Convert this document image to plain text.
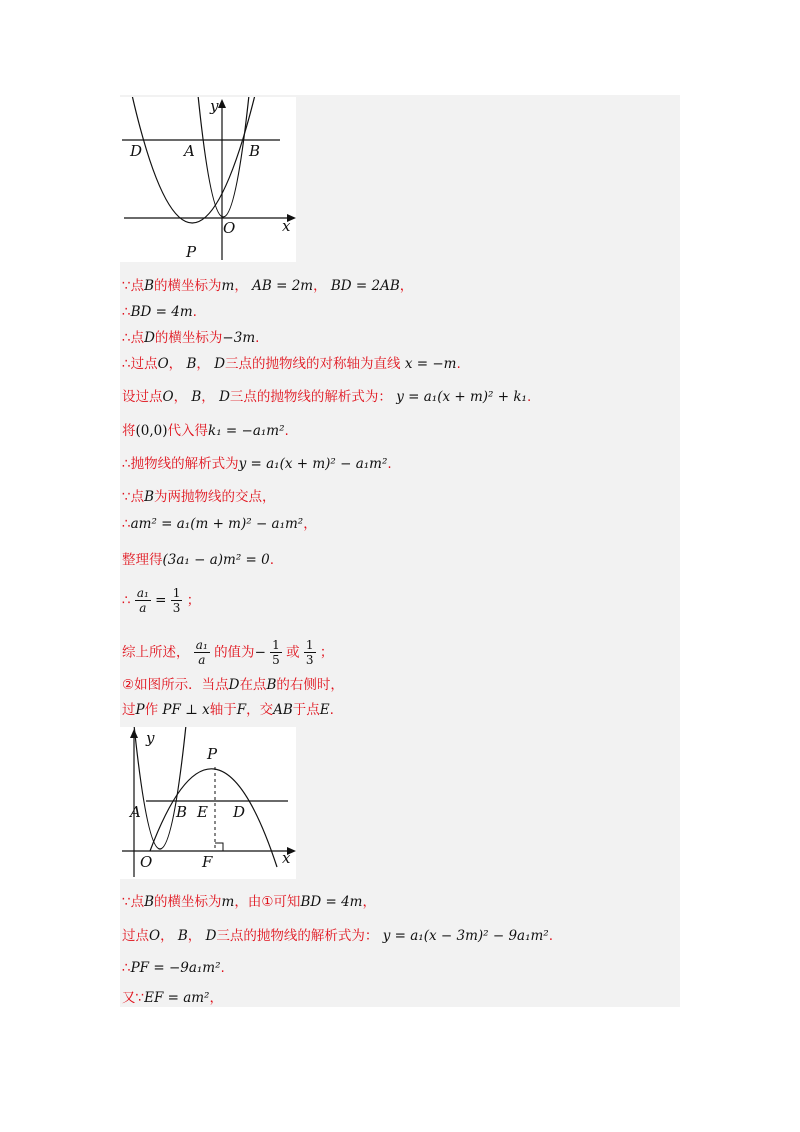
y
x
D	A	B
O
P
∵点B的横坐标为m， AB = 2m， BD = 2AB，
∴BD = 4m.
∴点D的横坐标为−3m.
∴过点O， B， D三点的抛物线的对称轴为直线 x = −m.
设过点O， B， D三点的抛物线的解析式为： y = a₁(x + m)² + k₁.
将(0,0)代入得k₁ = −a₁m².
∴抛物线的解析式为y = a₁(x + m)² − a₁m².
∵点B为两抛物线的交点，
∴am² = a₁(m + m)² − a₁m²，
整理得(3a₁ − a)m² = 0.
∴ $\frac{\text{a₁}}{a} = \frac{1}{3}$ ；
综上所述， $\frac{\text{a₁}}{a}$ 的值为− $\frac{1}{5}$ 或 $\frac{1}{3}$ ；
②如图所示．当点D在点B的右侧时，
过P作 PF ⊥ x轴于F，交AB于点E.
y
x
P
A B E D
O	F
∵点B的横坐标为m，由①可知BD = 4m，
过点O， B， D三点的抛物线的解析式为： y = a₁(x − 3m)² − 9a₁m².
∴PF = −9a₁m².
又∵EF = am²，
